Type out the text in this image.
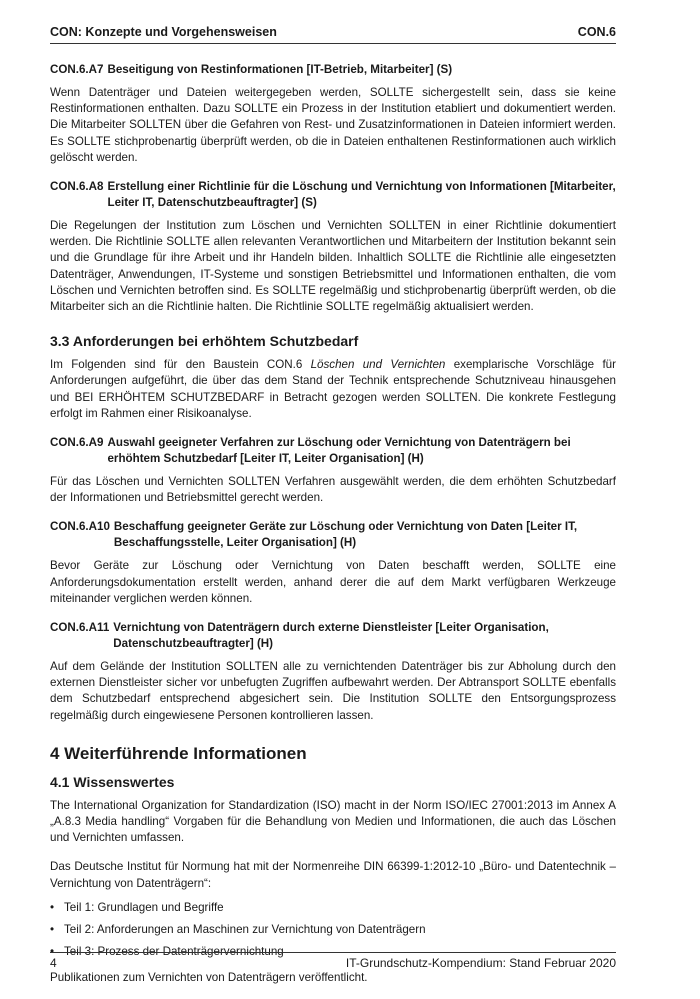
CON: Konzepte und Vorgehensweisen	CON.6
CON.6.A7 Beseitigung von Restinformationen [IT-Betrieb, Mitarbeiter] (S)

Wenn Datenträger und Dateien weitergegeben werden, SOLLTE sichergestellt sein, dass sie keine Restinformationen enthalten. Dazu SOLLTE ein Prozess in der Institution etabliert und dokumentiert werden. Die Mitarbeiter SOLLTEN über die Gefahren von Rest- und Zusatzinformationen in Dateien informiert werden. Es SOLLTE stichprobenartig überprüft werden, ob die in Dateien enthaltenen Restinformationen auch wirklich gelöscht werden.

CON.6.A8 Erstellung einer Richtlinie für die Löschung und Vernichtung von Informationen [Mitarbeiter, Leiter IT, Datenschutzbeauftragter] (S)

Die Regelungen der Institution zum Löschen und Vernichten SOLLTEN in einer Richtlinie dokumentiert werden. Die Richtlinie SOLLTE allen relevanten Verantwortlichen und Mitarbeitern der Institution bekannt sein und die Grundlage für ihre Arbeit und ihr Handeln bilden. Inhaltlich SOLLTE die Richtlinie alle eingesetzten Datenträger, Anwendungen, IT-Systeme und sonstigen Betriebsmittel und Informationen enthalten, die vom Löschen und Vernichten betroffen sind. Es SOLLTE regelmäßig und stichprobenartig überprüft werden, ob die Mitarbeiter sich an die Richtlinie halten. Die Richtlinie SOLLTE regelmäßig aktualisiert werden.

3.3 Anforderungen bei erhöhtem Schutzbedarf

Im Folgenden sind für den Baustein CON.6 Löschen und Vernichten exemplarische Vorschläge für Anforderungen aufgeführt, die über das dem Stand der Technik entsprechende Schutzniveau hinausgehen und BEI ERHÖHTEM SCHUTZBEDARF in Betracht gezogen werden SOLLTEN. Die konkrete Festlegung erfolgt im Rahmen einer Risikoanalyse.

CON.6.A9 Auswahl geeigneter Verfahren zur Löschung oder Vernichtung von Datenträgern bei erhöhtem Schutzbedarf [Leiter IT, Leiter Organisation] (H)

Für das Löschen und Vernichten SOLLTEN Verfahren ausgewählt werden, die dem erhöhten Schutzbedarf der Informationen und Betriebsmittel gerecht werden.

CON.6.A10 Beschaffung geeigneter Geräte zur Löschung oder Vernichtung von Daten [Leiter IT, Beschaffungsstelle, Leiter Organisation] (H)

Bevor Geräte zur Löschung oder Vernichtung von Daten beschafft werden, SOLLTE eine Anforderungsdokumentation erstellt werden, anhand derer die auf dem Markt verfügbaren Werkzeuge miteinander verglichen werden können.

CON.6.A11 Vernichtung von Datenträgern durch externe Dienstleister [Leiter Organisation, Datenschutzbeauftragter] (H)

Auf dem Gelände der Institution SOLLTEN alle zu vernichtenden Datenträger bis zur Abholung durch den externen Dienstleister sicher vor unbefugten Zugriffen aufbewahrt werden. Der Abtransport SOLLTE ebenfalls dem Schutzbedarf entsprechend abgesichert sein. Die Institution SOLLTE den Entsorgungsprozess regelmäßig durch eingewiesene Personen kontrollieren lassen.

4 Weiterführende Informationen
4.1 Wissenswertes

The International Organization for Standardization (ISO) macht in der Norm ISO/IEC 27001:2013 im Annex A „A.8.3 Media handling“ Vorgaben für die Behandlung von Medien und Informationen, die auch das Löschen und Vernichten umfassen.

Das Deutsche Institut für Normung hat mit der Normenreihe DIN 66399-1:2012-10 „Büro- und Datentechnik – Vernichtung von Datenträgern“:

• Teil 1: Grundlagen und Begriffe
• Teil 2: Anforderungen an Maschinen zur Vernichtung von Datenträgern
• Teil 3: Prozess der Datenträgervernichtung

Publikationen zum Vernichten von Datenträgern veröffentlicht.

4	IT-Grundschutz-Kompendium: Stand Februar 2020
